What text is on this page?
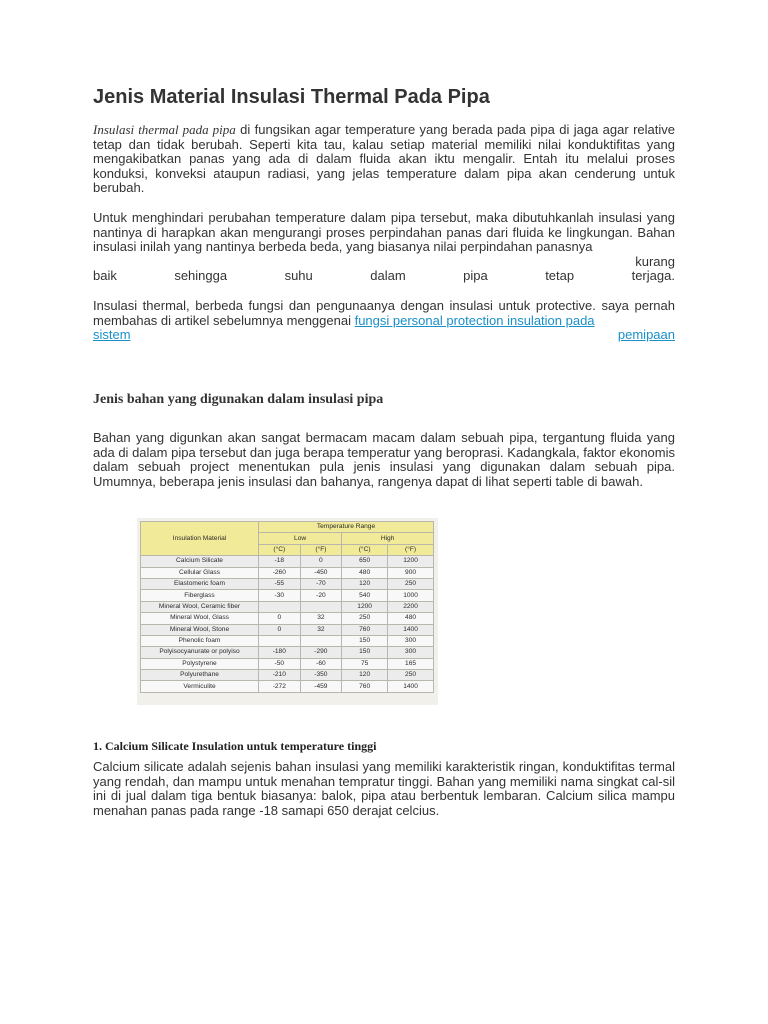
Jenis Material Insulasi Thermal Pada Pipa

Insulasi thermal pada pipa di fungsikan agar temperature yang berada pada pipa di jaga agar relative tetap dan tidak berubah. Seperti kita tau, kalau setiap material memiliki nilai konduktifitas yang mengakibatkan panas yang ada di dalam fluida akan iktu mengalir. Entah itu melalui proses konduksi, konveksi ataupun radiasi, yang jelas temperature dalam pipa akan cenderung untuk berubah.

Untuk menghindari perubahan temperature dalam pipa tersebut, maka dibutuhkanlah insulasi yang nantinya di harapkan akan mengurangi proses perpindahan panas dari fluida ke lingkungan. Bahan insulasi inilah yang nantinya berbeda beda, yang biasanya nilai perpindahan panasnya

kurang

baik	sehingga	suhu	dalam	pipa	tetap	terjaga.

Insulasi thermal, berbeda fungsi dan pengunaanya dengan insulasi untuk protective. saya pernah membahas di artikel sebelumnya menggenai fungsi personal protection insulation pada

sistem	pemipaan

Jenis bahan yang digunakan dalam insulasi pipa

Bahan yang digunkan akan sangat bermacam macam dalam sebuah pipa, tergantung fluida yang ada di dalam pipa tersebut dan juga berapa temperatur yang beroprasi. Kadangkala, faktor ekonomis dalam sebuah project menentukan pula jenis insulasi yang digunakan dalam sebuah pipa. Umumnya, beberapa jenis insulasi dan bahanya, rangenya dapat di lihat seperti table di bawah.

1. Calcium Silicate Insulation untuk temperature tinggi

Calcium silicate adalah sejenis bahan insulasi yang memiliki karakteristik ringan, konduktifitas termal yang rendah, dan mampu untuk menahan tempratur tinggi. Bahan yang memiliki nama singkat cal-sil ini di jual dalam tiga bentuk biasanya: balok, pipa atau berbentuk lembaran. Calcium silica mampu menahan panas pada range -18 samapi 650 derajat celcius.

Insulation Material	Temperature Range			
	Low		High	
	(°C)	(°F)	(°C)	(°F)
Calcium Silicate	-18	0	650	1200
Cellular Glass	-260	-450	480	900
Elastomeric foam	-55	-70	120	250
Fiberglass	-30	-20	540	1000
Mineral Wool, Ceramic fiber			1200	2200
Mineral Wool, Glass	0	32	250	480
Mineral Wool, Stone	0	32	760	1400
Phenolic foam			150	300
Polyisocyanurate or polyiso	-180	-290	150	300
Polystyrene	-50	-60	75	165
Polyurethane	-210	-350	120	250
Vermiculite	-272	-459	760	1400
